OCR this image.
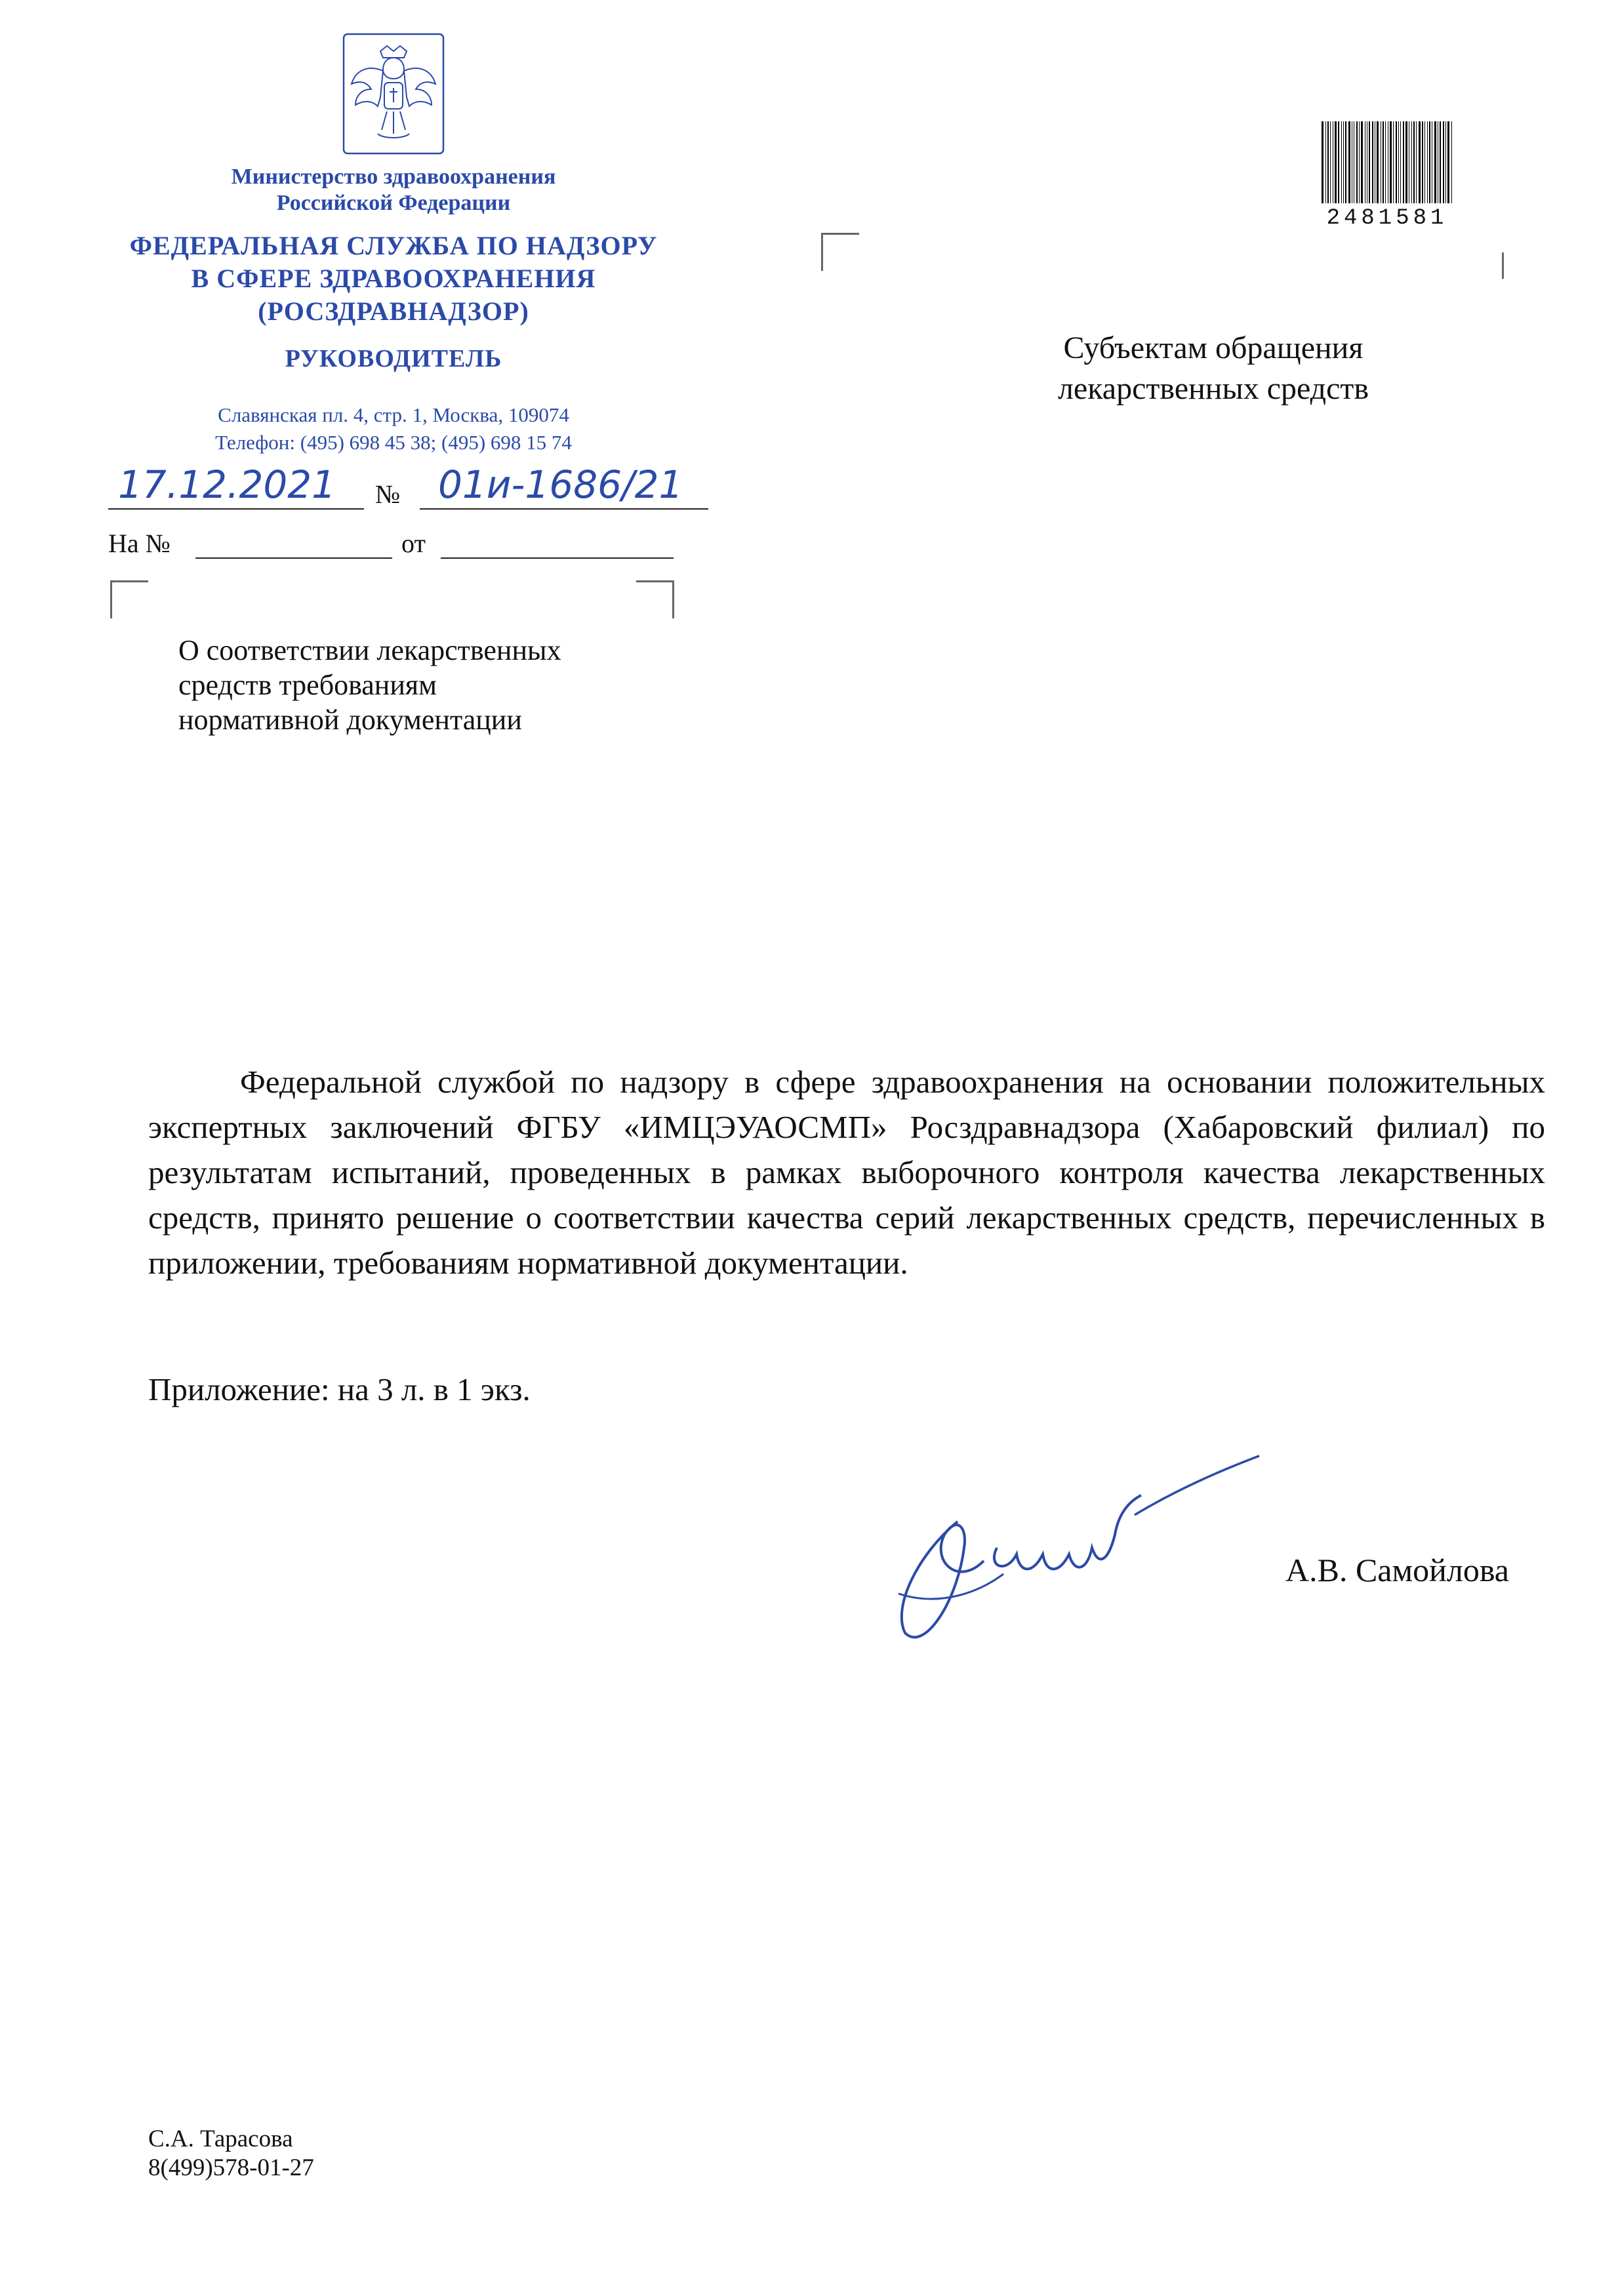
Министерство здравоохранения
Российской Федерации
ФЕДЕРАЛЬНАЯ СЛУЖБА ПО НАДЗОРУ
В СФЕРЕ ЗДРАВООХРАНЕНИЯ
(РОСЗДРАВНАДЗОР)
РУКОВОДИТЕЛЬ
Славянская пл. 4, стр. 1, Москва, 109074
Телефон: (495) 698 45 38; (495) 698 15 74
17.12.2021 № 01и-1686/21
На №	от
О соответствии лекарственных
средств требованиям
нормативной документации
2481581
Субъектам обращения
лекарственных средств
Федеральной службой по надзору в сфере здравоохранения на основании положительных экспертных заключений ФГБУ «ИМЦЭУАОСМП» Росздравнадзора (Хабаровский филиал) по результатам испытаний, проведенных в рамках выборочного контроля качества лекарственных средств, принято решение о соответствии качества серий лекарственных средств, перечисленных в приложении, требованиям нормативной документации.
Приложение: на 3 л. в 1 экз.
А.В. Самойлова
С.А. Тарасова
8(499)578-01-27
